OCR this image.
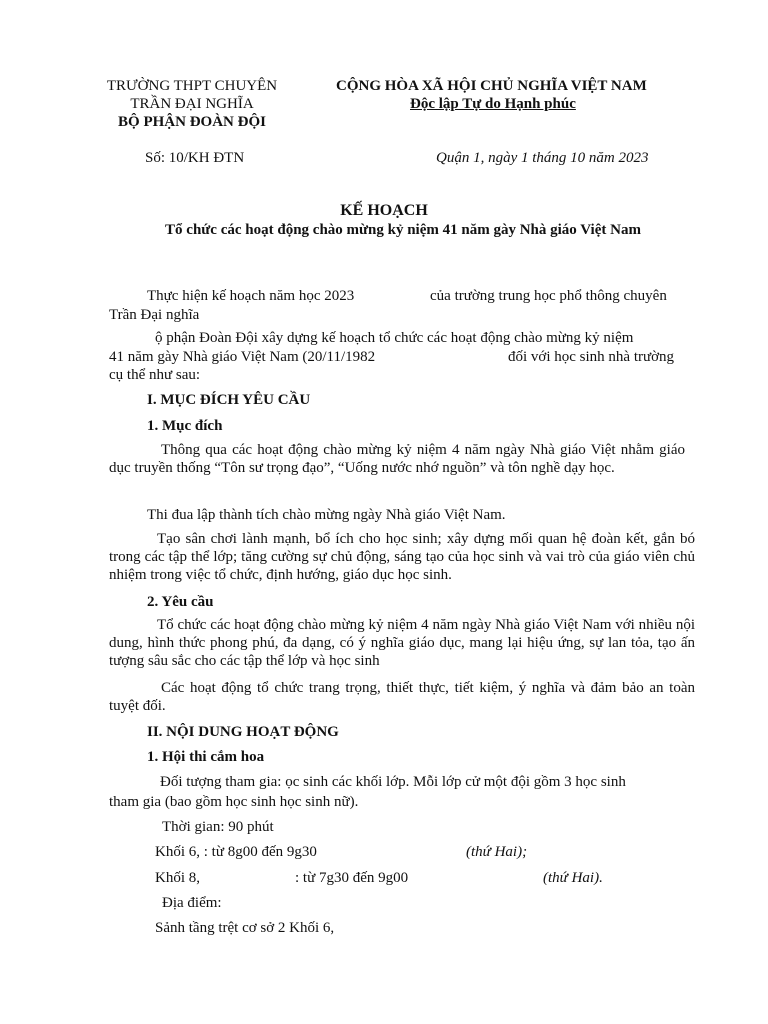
TRƯỜNG THPT CHUYÊN
TRẦN ĐẠI NGHĨA
BỘ PHẬN ĐOÀN ĐỘI
CỘNG HÒA XÃ HỘI CHỦ NGHĨA VIỆT NAM
Độc lập Tự do Hạnh phúc
Số: 10/KH ĐTN	Quận 1, ngày 1 tháng 10 năm 2023
KẾ HOẠCH
Tổ chức các hoạt động chào mừng kỷ niệm 41 năm gày Nhà giáo Việt Nam
Thực hiện kế hoạch năm học 2023	của trường trung học phổ thông chuyên
Trần Đại nghĩa
ộ phận Đoàn Đội xây dựng kế hoạch tổ chức các hoạt động chào mừng kỷ niệm
41 năm gày Nhà giáo Việt Nam (20/11/1982	đối với học sinh nhà trường
cụ thể như sau:
I. MỤC ĐÍCH YÊU CẦU
1. Mục đích
Thông qua các hoạt động chào mừng kỷ niệm 4 năm ngày Nhà giáo Việt nhằm giáo dục truyền thống “Tôn sư trọng đạo”, “Uống nước nhớ nguồn” và tôn nghề dạy học.
Thi đua lập thành tích chào mừng ngày Nhà giáo Việt Nam.
Tạo sân chơi lành mạnh, bổ ích cho học sinh; xây dựng mối quan hệ đoàn kết, gắn bó trong các tập thể lớp; tăng cường sự chủ động, sáng tạo của học sinh và vai trò của giáo viên chủ nhiệm trong việc tổ chức, định hướng, giáo dục học sinh.
2. Yêu cầu
Tổ chức các hoạt động chào mừng kỷ niệm 4 năm ngày Nhà giáo Việt Nam với nhiều nội dung, hình thức phong phú, đa dạng, có ý nghĩa giáo dục, mang lại hiệu ứng, sự lan tỏa, tạo ấn tượng sâu sắc cho các tập thể lớp và học sinh
Các hoạt động tổ chức trang trọng, thiết thực, tiết kiệm, ý nghĩa và đảm bảo an toàn tuyệt đối.
II. NỘI DUNG HOẠT ĐỘNG
1. Hội thi cắm hoa
Đối tượng tham gia: ọc sinh các khối lớp. Mỗi lớp cử một đội gồm 3 học sinh
tham gia (bao gồm học sinh học sinh nữ).
Thời gian: 90 phút
Khối 6, : từ 8g00 đến 9g30	(thứ Hai);
Khối 8,	: từ 7g30 đến 9g00	(thứ Hai).
Địa điểm:
Sảnh tầng trệt cơ sở 2 Khối 6,
